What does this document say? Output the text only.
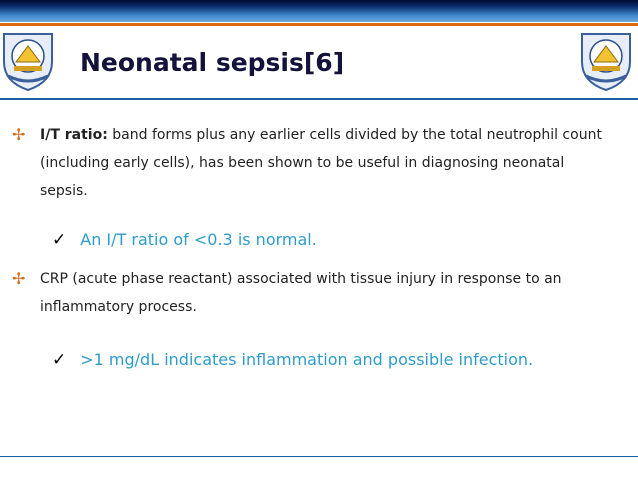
Neonatal sepsis[6]
✢ I/T ratio: band forms plus any earlier cells divided by the total neutrophil count (including early cells), has been shown to be useful in diagnosing neonatal sepsis.
✓ An I/T ratio of <0.3 is normal.
✢ CRP (acute phase reactant) associated with tissue injury in response to an inflammatory process.
✓ >1 mg/dL indicates inflammation and possible infection.
